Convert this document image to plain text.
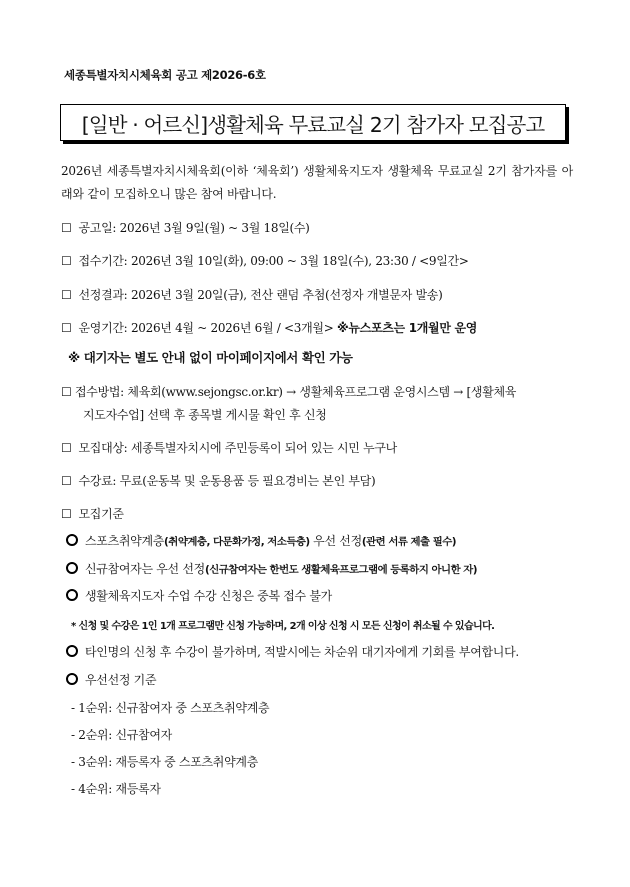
세종특별자치시체육회 공고 제2026-6호
[일반 · 어르신]생활체육 무료교실 2기 참가자 모집공고
2026년 세종특별자치시체육회(이하 ‘체육회’) 생활체육지도자 생활체육 무료교실 2기 참가자를 아래와 같이 모집하오니 많은 참여 바랍니다.
☐ 공고일: 2026년 3월 9일(월) ~ 3월 18일(수)
☐ 접수기간: 2026년 3월 10일(화), 09:00 ~ 3월 18일(수), 23:30 / <9일간>
☐ 선정결과: 2026년 3월 20일(금), 전산 랜덤 추첨(선정자 개별문자 발송)
☐ 운영기간: 2026년 4월 ~ 2026년 6월 / <3개월> ※뉴스포츠는 1개월만 운영
※ 대기자는 별도 안내 없이 마이페이지에서 확인 가능
☐ 접수방법: 체육회(www.sejongsc.or.kr) → 생활체육프로그램 운영시스템 → [생활체육
지도자수업] 선택 후 종목별 게시물 확인 후 신청
☐ 모집대상: 세종특별자치시에 주민등록이 되어 있는 시민 누구나
☐ 수강료: 무료(운동복 및 운동용품 등 필요경비는 본인 부담)
☐ 모집기준
스포츠취약계층(취약계층, 다문화가정, 저소득층) 우선 선정(관련 서류 제출 필수)
신규참여자는 우선 선정(신규참여자는 한번도 생활체육프로그램에 등록하지 아니한 자)
생활체육지도자 수업 수강 신청은 중복 접수 불가
* 신청 및 수강은 1인 1개 프로그램만 신청 가능하며, 2개 이상 신청 시 모든 신청이 취소될 수 있습니다.
타인명의 신청 후 수강이 불가하며, 적발시에는 차순위 대기자에게 기회를 부여합니다.
우선선정 기준
- 1순위: 신규참여자 중 스포츠취약계층
- 2순위: 신규참여자
- 3순위: 재등록자 중 스포츠취약계층
- 4순위: 재등록자
